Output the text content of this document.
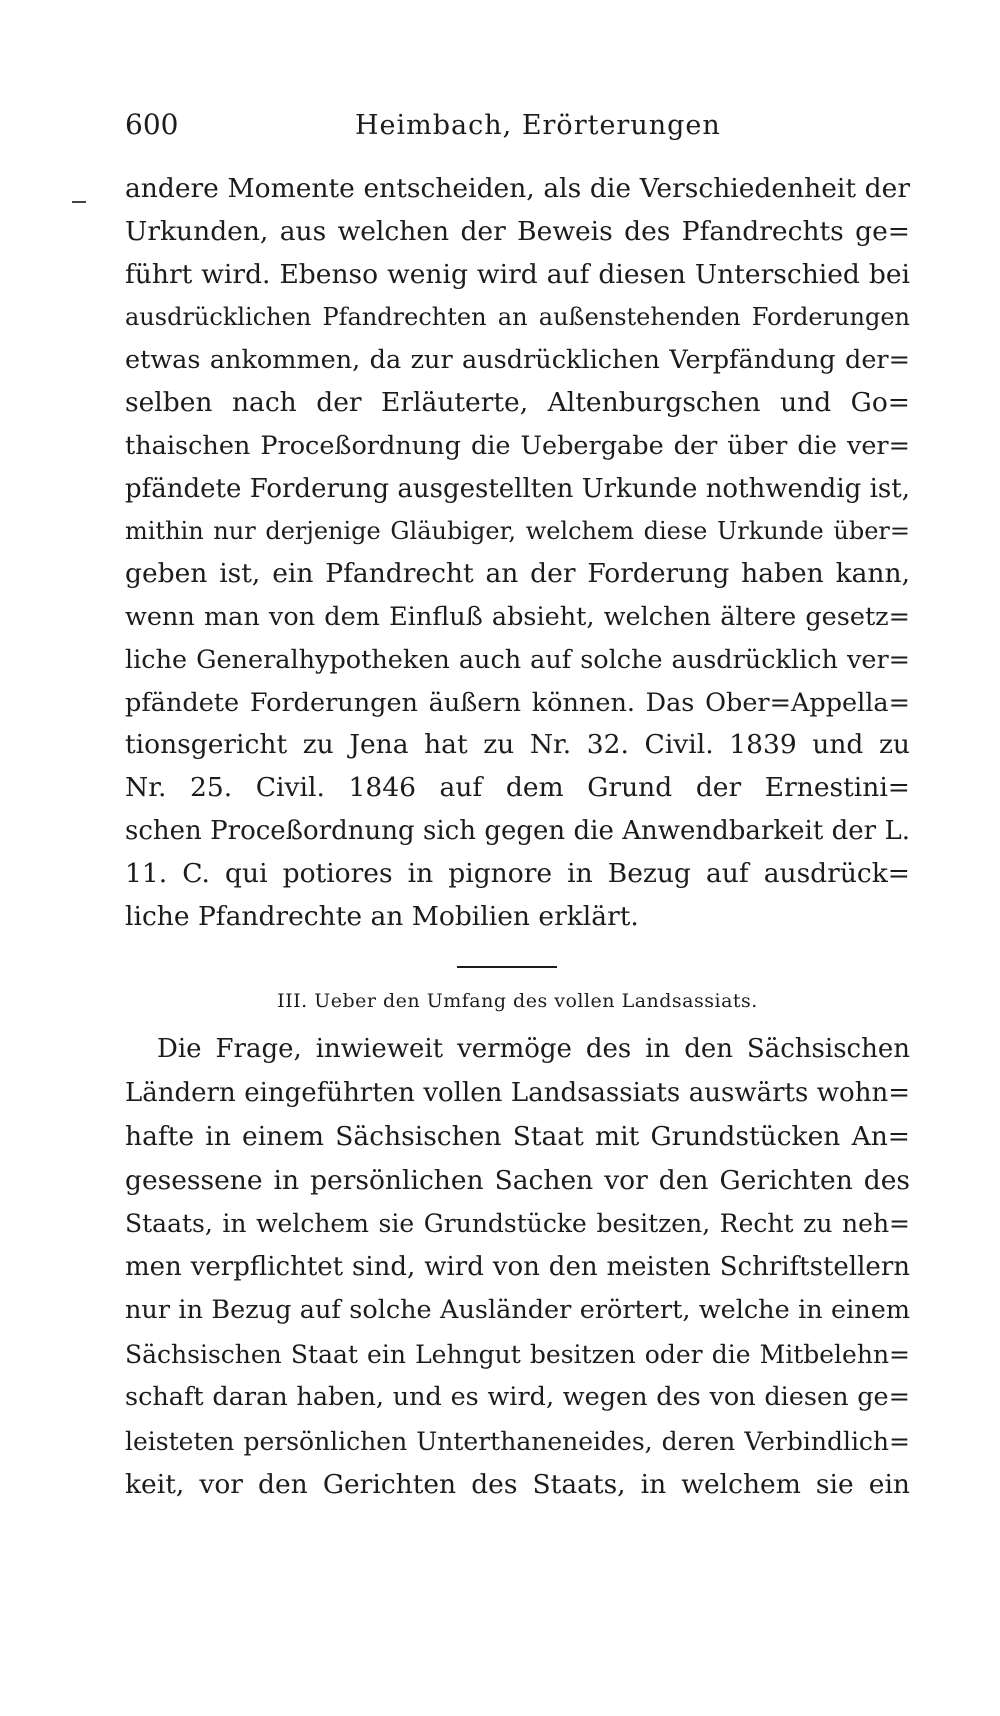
600	Heimbach, Erörterungen
andere Momente entscheiden, als die Verschiedenheit der
Urkunden, aus welchen der Beweis des Pfandrechts ge=
führt wird. Ebenso wenig wird auf diesen Unterschied bei
ausdrücklichen Pfandrechten an außenstehenden Forderungen
etwas ankommen, da zur ausdrücklichen Verpfändung der=
selben nach der Erläuterte, Altenburgschen und Go=
thaischen Proceßordnung die Uebergabe der über die ver=
pfändete Forderung ausgestellten Urkunde nothwendig ist,
mithin nur derjenige Gläubiger, welchem diese Urkunde über=
geben ist, ein Pfandrecht an der Forderung haben kann,
wenn man von dem Einfluß absieht, welchen ältere gesetz=
liche Generalhypotheken auch auf solche ausdrücklich ver=
pfändete Forderungen äußern können. Das Ober=Appella=
tionsgericht zu Jena hat zu Nr. 32. Civil. 1839 und zu
Nr. 25. Civil. 1846 auf dem Grund der Ernestini=
schen Proceßordnung sich gegen die Anwendbarkeit der L.
11. C. qui potiores in pignore in Bezug auf ausdrück=
liche Pfandrechte an Mobilien erklärt.
III. Ueber den Umfang des vollen Landsassiats.
Die Frage, inwieweit vermöge des in den Sächsischen
Ländern eingeführten vollen Landsassiats auswärts wohn=
hafte in einem Sächsischen Staat mit Grundstücken An=
gesessene in persönlichen Sachen vor den Gerichten des
Staats, in welchem sie Grundstücke besitzen, Recht zu neh=
men verpflichtet sind, wird von den meisten Schriftstellern
nur in Bezug auf solche Ausländer erörtert, welche in einem
Sächsischen Staat ein Lehngut besitzen oder die Mitbelehn=
schaft daran haben, und es wird, wegen des von diesen ge=
leisteten persönlichen Unterthaneneides, deren Verbindlich=
keit, vor den Gerichten des Staats, in welchem sie ein
